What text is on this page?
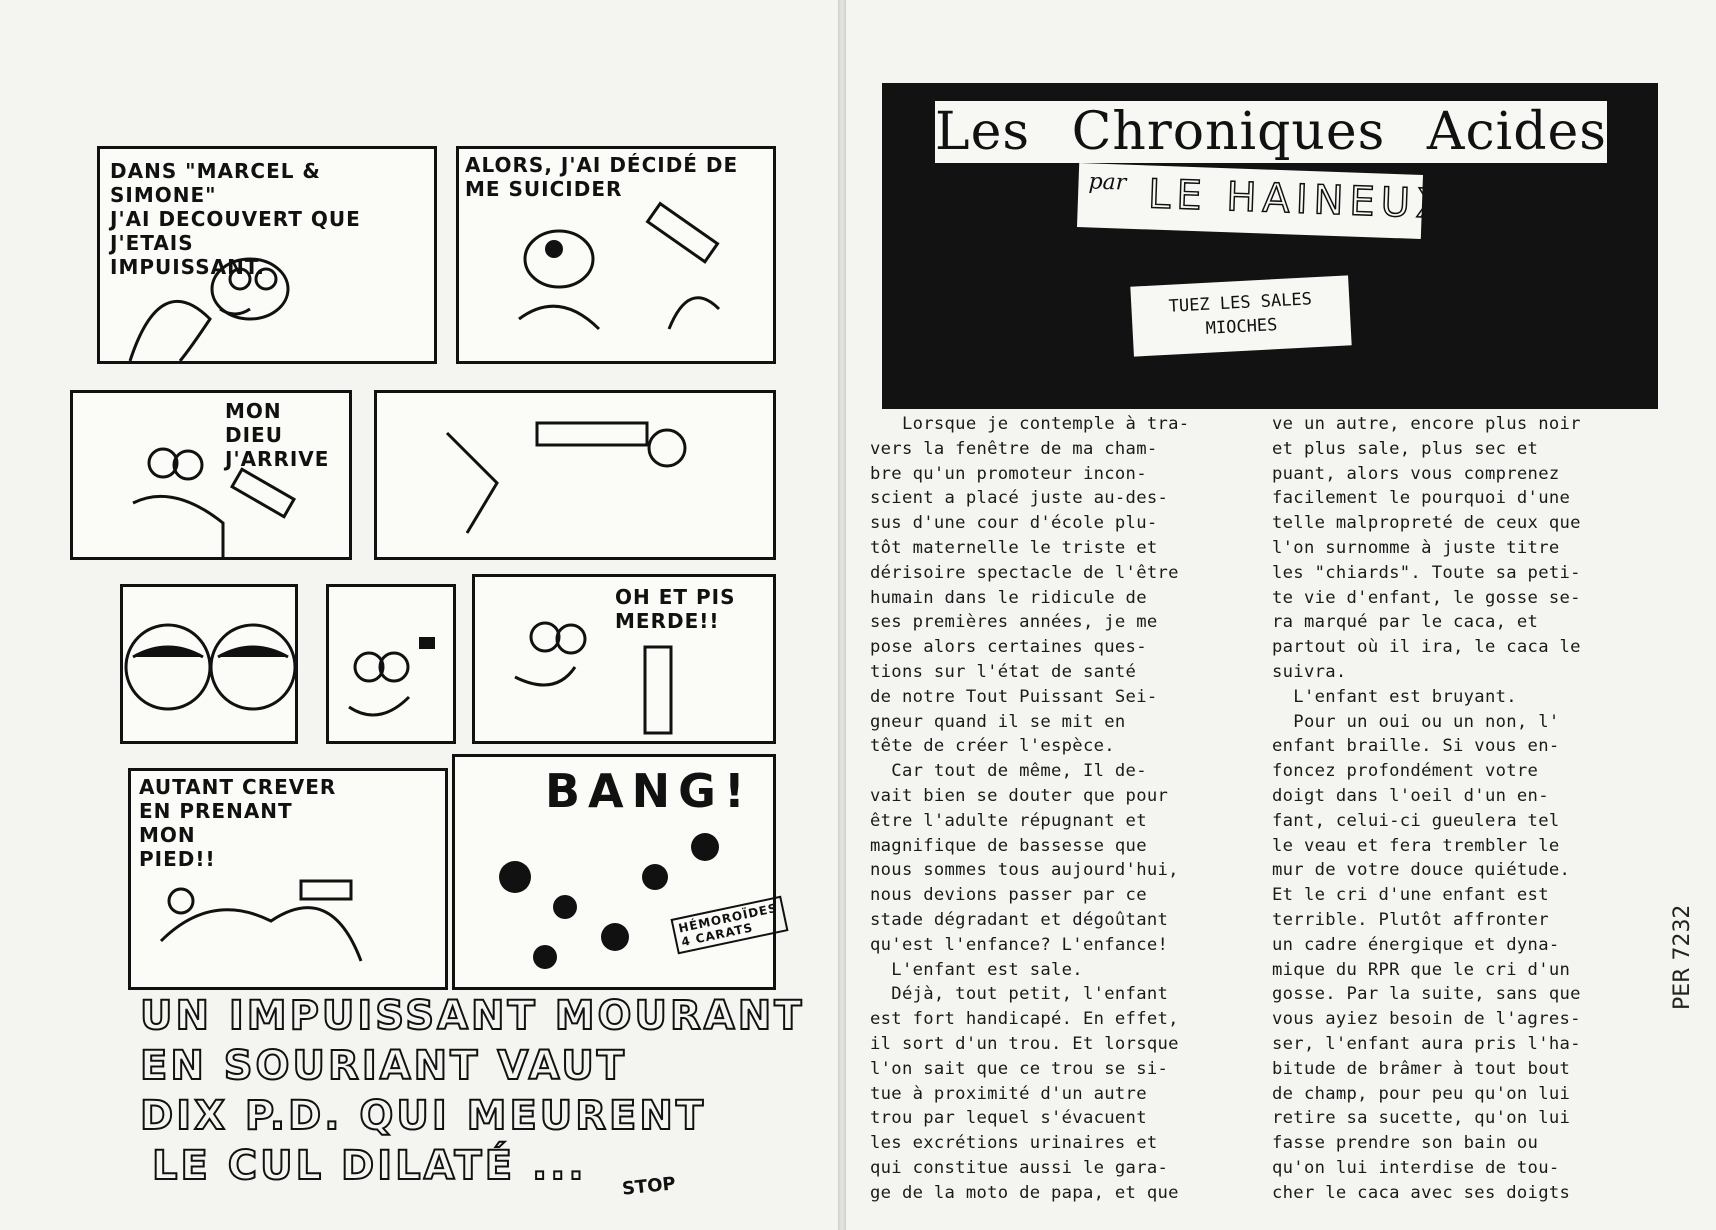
DANS "MARCEL & SIMONE"
J'AI DECOUVERT QUE
J'ETAIS
IMPUISSANT.
ALORS, J'AI DÉCIDÉ DE
ME SUICIDER
MON DIEU
J'ARRIVE
OH ET PIS
MERDE!!
AUTANT CREVER
EN PRENANT
MON
PIED!!
BANG!
HÉMOROÏDES
4 CARATS
UN IMPUISSANT MOURANT
EN SOURIANT VAUT
DIX P.D. QUI MEURENT
LE CUL DILATÉ ... STOP
Les Chroniques Acides
par LE HAINEUX.
TUEZ LES SALES
MIOCHES

Lorsque je contemple à tra-

vers la fenêtre de ma cham-

bre qu'un promoteur incon-

scient a placé juste au-des-

sus d'une cour d'école plu-

tôt maternelle le triste et

dérisoire spectacle de l'être

humain dans le ridicule de

ses premières années, je me

pose alors certaines ques-

tions sur l'état de santé

de notre Tout Puissant Sei-

gneur quand il se mit en

tête de créer l'espèce.

Car tout de même, Il de-

vait bien se douter que pour

être l'adulte répugnant et

magnifique de bassesse que

nous sommes tous aujourd'hui,

nous devions passer par ce

stade dégradant et dégoûtant

qu'est l'enfance? L'enfance!

L'enfant est sale.

Déjà, tout petit, l'enfant

est fort handicapé. En effet,

il sort d'un trou. Et lorsque

l'on sait que ce trou se si-

tue à proximité d'un autre

trou par lequel s'évacuent

les excrétions urinaires et

qui constitue aussi le gara-

ge de la moto de papa, et que

ve un autre, encore plus noir

et plus sale, plus sec et

puant, alors vous comprenez

facilement le pourquoi d'une

telle malpropreté de ceux que

l'on surnomme à juste titre

les "chiards". Toute sa peti-

te vie d'enfant, le gosse se-

ra marqué par le caca, et

partout où il ira, le caca le

suivra.

L'enfant est bruyant.

Pour un oui ou un non, l'

enfant braille. Si vous en-

foncez profondément votre

doigt dans l'oeil d'un en-

fant, celui-ci gueulera tel

le veau et fera trembler le

mur de votre douce quiétude.

Et le cri d'une enfant est

terrible. Plutôt affronter

un cadre énergique et dyna-

mique du RPR que le cri d'un

gosse. Par la suite, sans que

vous ayiez besoin de l'agres-

ser, l'enfant aura pris l'ha-

bitude de brâmer à tout bout

de champ, pour peu qu'on lui

retire sa sucette, qu'on lui

fasse prendre son bain ou

qu'on lui interdise de tou-

cher le caca avec ses doigts

PER 7232
